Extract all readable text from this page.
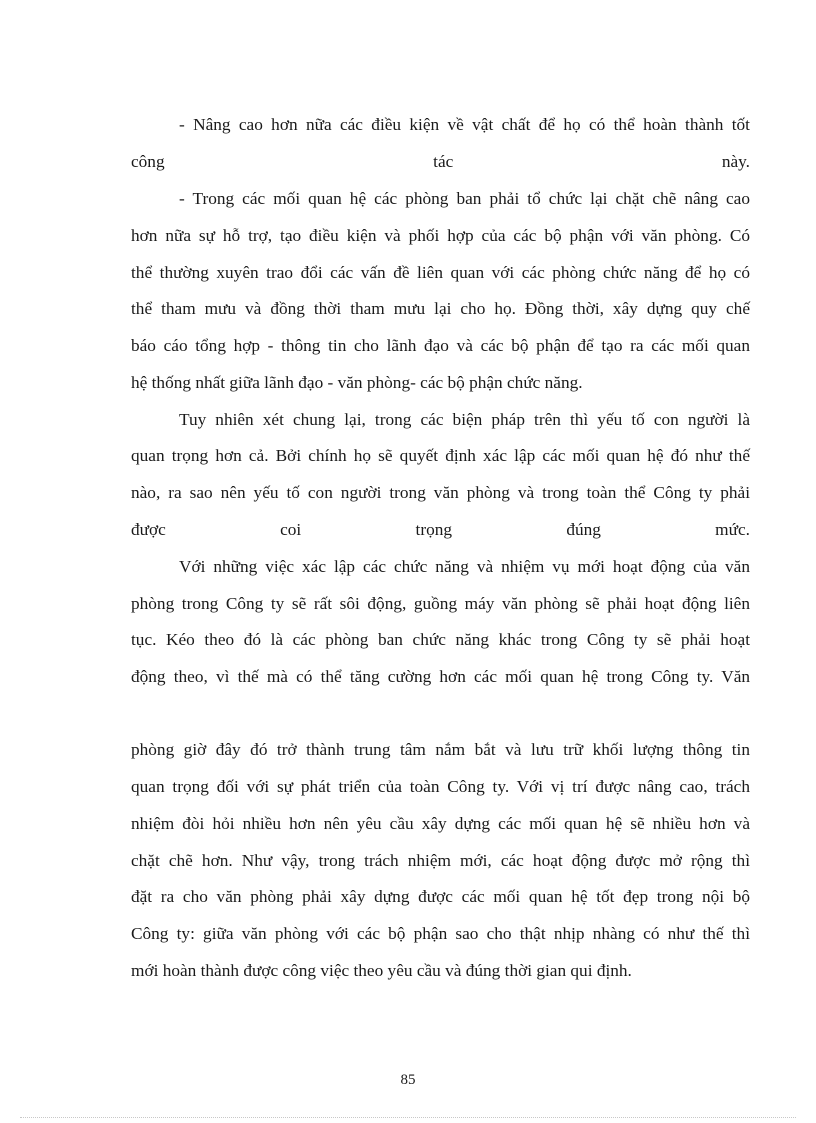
- Nâng cao hơn nữa các điều kiện về vật chất để họ có thể hoàn thành tốt
công tác này.
- Trong các mối quan hệ các phòng ban phải tổ chức lại chặt chẽ nâng cao
hơn nữa sự hỗ trợ, tạo điều kiện và phối hợp của các bộ phận với văn phòng. Có
thể thường xuyên trao đổi các vấn đề liên quan với các phòng chức năng để họ có
thể tham mưu và đồng thời tham mưu lại cho họ. Đồng thời, xây dựng quy chế
báo cáo tổng hợp - thông tin cho lãnh đạo và các bộ phận để tạo ra các mối quan
hệ thống nhất giữa lãnh đạo - văn phòng- các bộ phận chức năng.
Tuy nhiên xét chung lại, trong các biện pháp trên thì yếu tố con người là
quan trọng hơn cả. Bởi chính họ sẽ quyết định xác lập các mối quan hệ đó như thế
nào, ra sao nên yếu tố con người trong văn phòng và trong toàn thể Công ty phải
được coi trọng đúng mức.
Với những việc xác lập các chức năng và nhiệm vụ mới hoạt động của văn
phòng trong Công ty sẽ rất sôi động, guồng máy văn phòng sẽ phải hoạt động liên
tục. Kéo theo đó là các phòng ban chức năng khác trong Công ty sẽ phải hoạt
động theo, vì thế mà có thể tăng cường hơn các mối quan hệ trong Công ty. Văn
phòng giờ đây đó trở thành trung tâm nắm bắt và lưu trữ khối lượng thông tin
quan trọng đối với sự phát triển của toàn Công ty. Với vị trí được nâng cao, trách
nhiệm đòi hỏi nhiều hơn nên yêu cầu xây dựng các mối quan hệ sẽ nhiều hơn và
chặt chẽ hơn. Như vậy, trong trách nhiệm mới, các hoạt động được mở rộng thì
đặt ra cho văn phòng phải xây dựng được các mối quan hệ tốt đẹp trong nội bộ
Công ty: giữa văn phòng với các bộ phận sao cho thật nhịp nhàng có như thế thì
mới hoàn thành được công việc theo yêu cầu và đúng thời gian qui định.
85
